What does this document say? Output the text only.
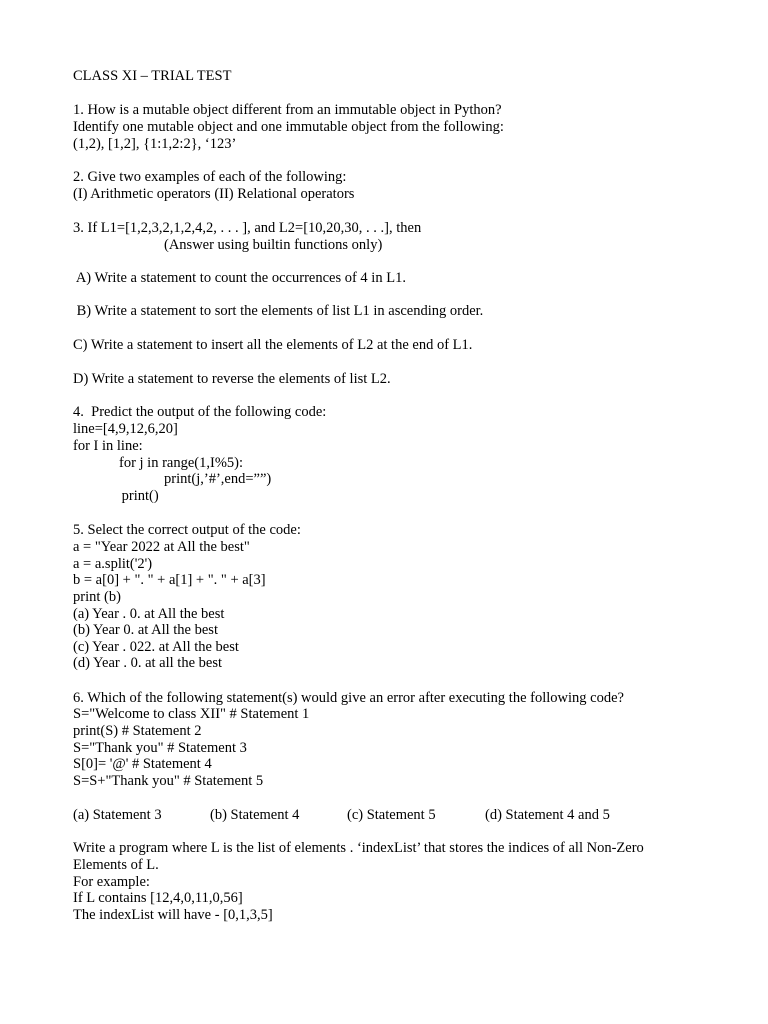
CLASS XI – TRIAL TEST
1. How is a mutable object different from an immutable object in Python?
Identify one mutable object and one immutable object from the following:
(1,2), [1,2], {1:1,2:2}, ‘123’
2. Give two examples of each of the following:
(I) Arithmetic operators (II) Relational operators
3. If L1=[1,2,3,2,1,2,4,2, . . . ], and L2=[10,20,30, . . .], then
(Answer using builtin functions only)
A) Write a statement to count the occurrences of 4 in L1.
B) Write a statement to sort the elements of list L1 in ascending order.
C) Write a statement to insert all the elements of L2 at the end of L1.
D) Write a statement to reverse the elements of list L2.
4.  Predict the output of the following code:
line=[4,9,12,6,20]
for I in line:
for j in range(1,I%5):
print(j,’#’,end=””)
print()
5. Select the correct output of the code:
a = "Year 2022 at All the best"
a = a.split('2')
b = a[0] + ". " + a[1] + ". " + a[3]
print (b)
(a) Year . 0. at All the best
(b) Year 0. at All the best
(c) Year . 022. at All the best
(d) Year . 0. at all the best
6. Which of the following statement(s) would give an error after executing the following code?
S="Welcome to class XII" # Statement 1
print(S) # Statement 2
S="Thank you" # Statement 3
S[0]= '@' # Statement 4
S=S+"Thank you" # Statement 5
(a) Statement 3	(b) Statement 4	(c) Statement 5	(d) Statement 4 and 5
Write a program where L is the list of elements . ‘indexList’ that stores the indices of all Non-Zero
Elements of L.
For example:
If L contains [12,4,0,11,0,56]
The indexList will have - [0,1,3,5]
